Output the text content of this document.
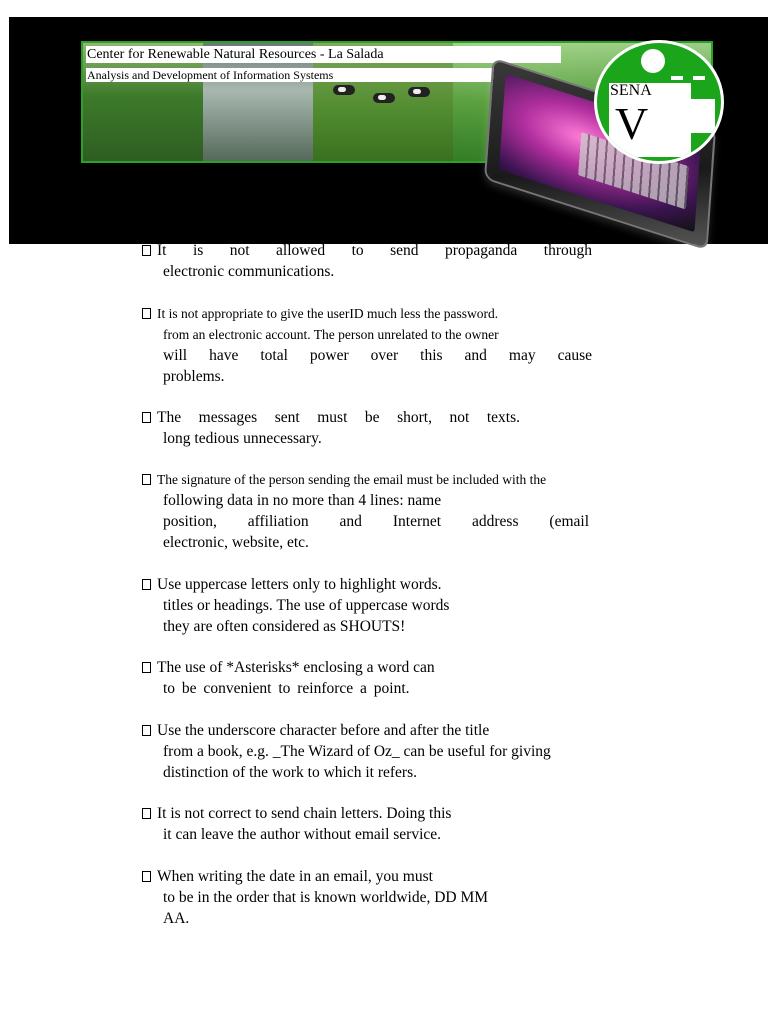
Center for Renewable Natural Resources - La Salada
Analysis and Development of Information Systems
SENA
V
It is not allowed to send propaganda through
electronic communications.
It is not appropriate to give the userID much less the password.
from an electronic account. The person unrelated to the owner
will have total power over this and may cause
problems.
The messages sent must be short, not texts.
long tedious unnecessary.
The signature of the person sending the email must be included with the
following data in no more than 4 lines: name
position, affiliation and Internet address (email
electronic, website, etc.
Use uppercase letters only to highlight words.
titles or headings. The use of uppercase words
they are often considered as SHOUTS!
The use of *Asterisks* enclosing a word can
to be convenient to reinforce a point.
Use the underscore character before and after the title
from a book, e.g. _The Wizard of Oz_ can be useful for giving
distinction of the work to which it refers.
It is not correct to send chain letters. Doing this
it can leave the author without email service.
When writing the date in an email, you must
to be in the order that is known worldwide, DD MM
AA.
